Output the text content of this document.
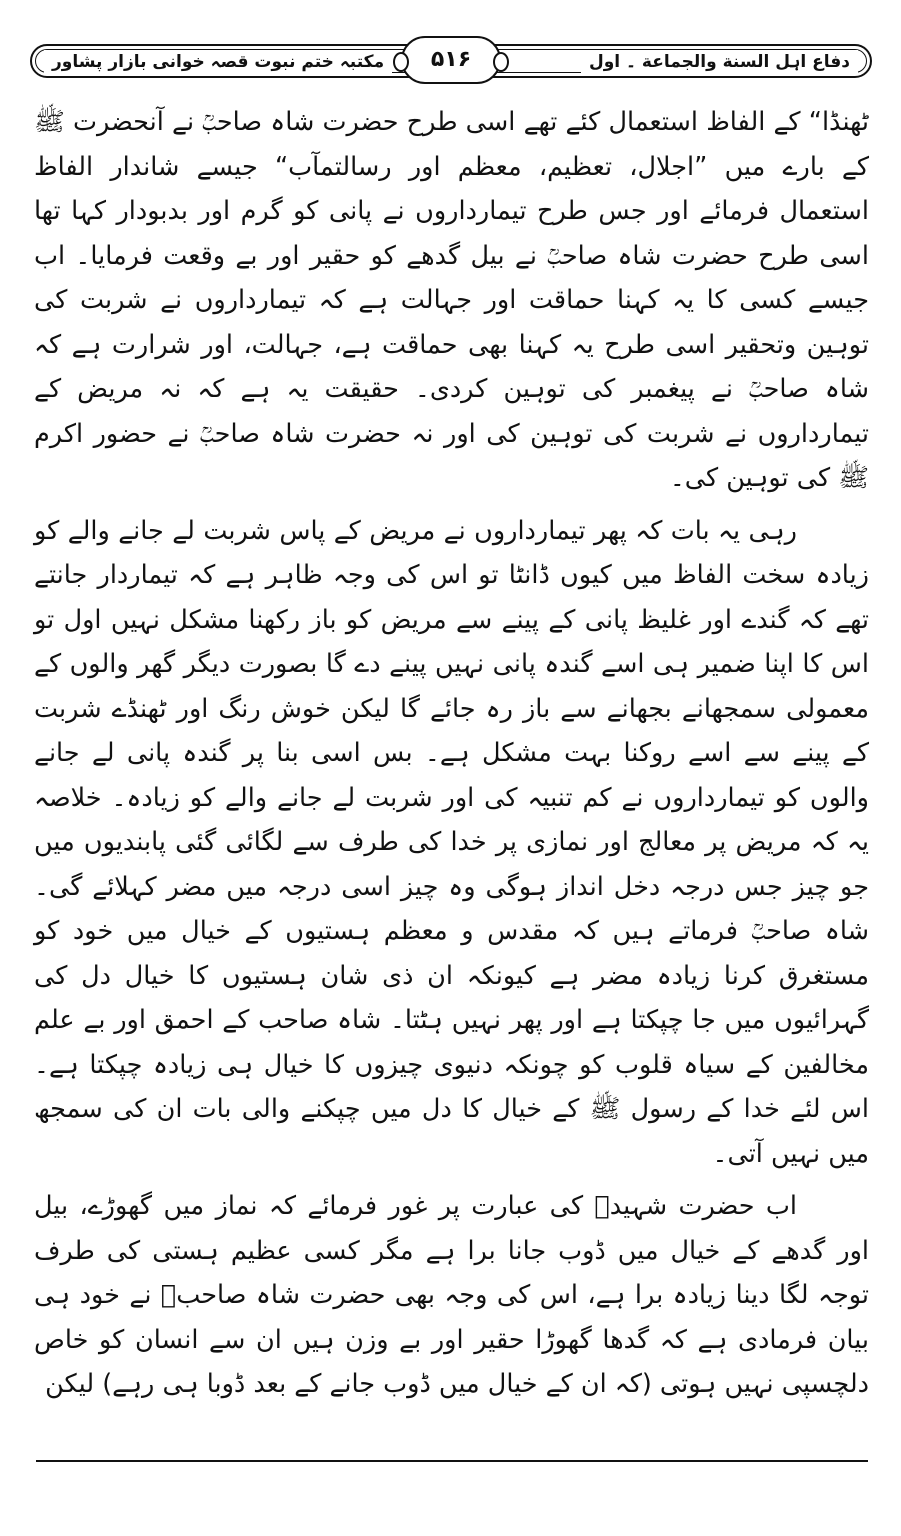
مکتبہ ختم نبوت قصہ خوانی بازار پشاور	دفاع اہل السنة والجماعة ۔ اول
۵۱۶

ٹھنڈا“ کے الفاظ استعمال کئے تھے اسی طرح حضرت شاہ صاحبؒ نے آنحضرت ﷺ کے بارے میں ”اجلال، تعظیم، معظم اور رسالتمآب“ جیسے شاندار الفاظ استعمال فرمائے اور جس طرح تیمارداروں نے پانی کو گرم اور بدبودار کہا تھا اسی طرح حضرت شاہ صاحبؒ نے بیل گدھے کو حقیر اور بے وقعت فرمایا۔ اب جیسے کسی کا یہ کہنا حماقت اور جہالت ہے کہ تیمارداروں نے شربت کی توہین وتحقیر اسی طرح یہ کہنا بھی حماقت ہے، جہالت، اور شرارت ہے کہ شاہ صاحبؒ نے پیغمبر کی توہین کردی۔ حقیقت یہ ہے کہ نہ مریض کے تیمارداروں نے شربت کی توہین کی اور نہ حضرت شاہ صاحبؒ نے حضور اکرم ﷺ کی توہین کی۔

رہی یہ بات کہ پھر تیمارداروں نے مریض کے پاس شربت لے جانے والے کو زیادہ سخت الفاظ میں کیوں ڈانٹا تو اس کی وجہ ظاہر ہے کہ تیماردار جانتے تھے کہ گندے اور غلیظ پانی کے پینے سے مریض کو باز رکھنا مشکل نہیں اول تو اس کا اپنا ضمیر ہی اسے گندہ پانی نہیں پینے دے گا بصورت دیگر گھر والوں کے معمولی سمجھانے بجھانے سے باز رہ جائے گا لیکن خوش رنگ اور ٹھنڈے شربت کے پینے سے اسے روکنا بہت مشکل ہے۔ بس اسی بنا پر گندہ پانی لے جانے والوں کو تیمارداروں نے کم تنبیہ کی اور شربت لے جانے والے کو زیادہ۔ خلاصہ یہ کہ مریض پر معالج اور نمازی پر خدا کی طرف سے لگائی گئی پابندیوں میں جو چیز جس درجہ دخل انداز ہوگی وہ چیز اسی درجہ میں مضر کہلائے گی۔ شاہ صاحبؒ فرماتے ہیں کہ مقدس و معظم ہستیوں کے خیال میں خود کو مستغرق کرنا زیادہ مضر ہے کیونکہ ان ذی شان ہستیوں کا خیال دل کی گہرائیوں میں جا چپکتا ہے اور پھر نہیں ہٹتا۔ شاہ صاحب کے احمق اور بے علم مخالفین کے سیاہ قلوب کو چونکہ دنیوی چیزوں کا خیال ہی زیادہ چپکتا ہے۔ اس لئے خدا کے رسول ﷺ کے خیال کا دل میں چپکنے والی بات ان کی سمجھ میں نہیں آتی۔

اب حضرت شہیدؒ کی عبارت پر غور فرمائے کہ نماز میں گھوڑے، بیل اور گدھے کے خیال میں ڈوب جانا برا ہے مگر کسی عظیم ہستی کی طرف توجہ لگا دینا زیادہ برا ہے، اس کی وجہ بھی حضرت شاہ صاحبؒ نے خود ہی بیان فرمادی ہے کہ گدھا گھوڑا حقیر اور بے وزن ہیں ان سے انسان کو خاص دلچسپی نہیں ہوتی (کہ ان کے خیال میں ڈوب جانے کے بعد ڈوبا ہی رہے) لیکن
